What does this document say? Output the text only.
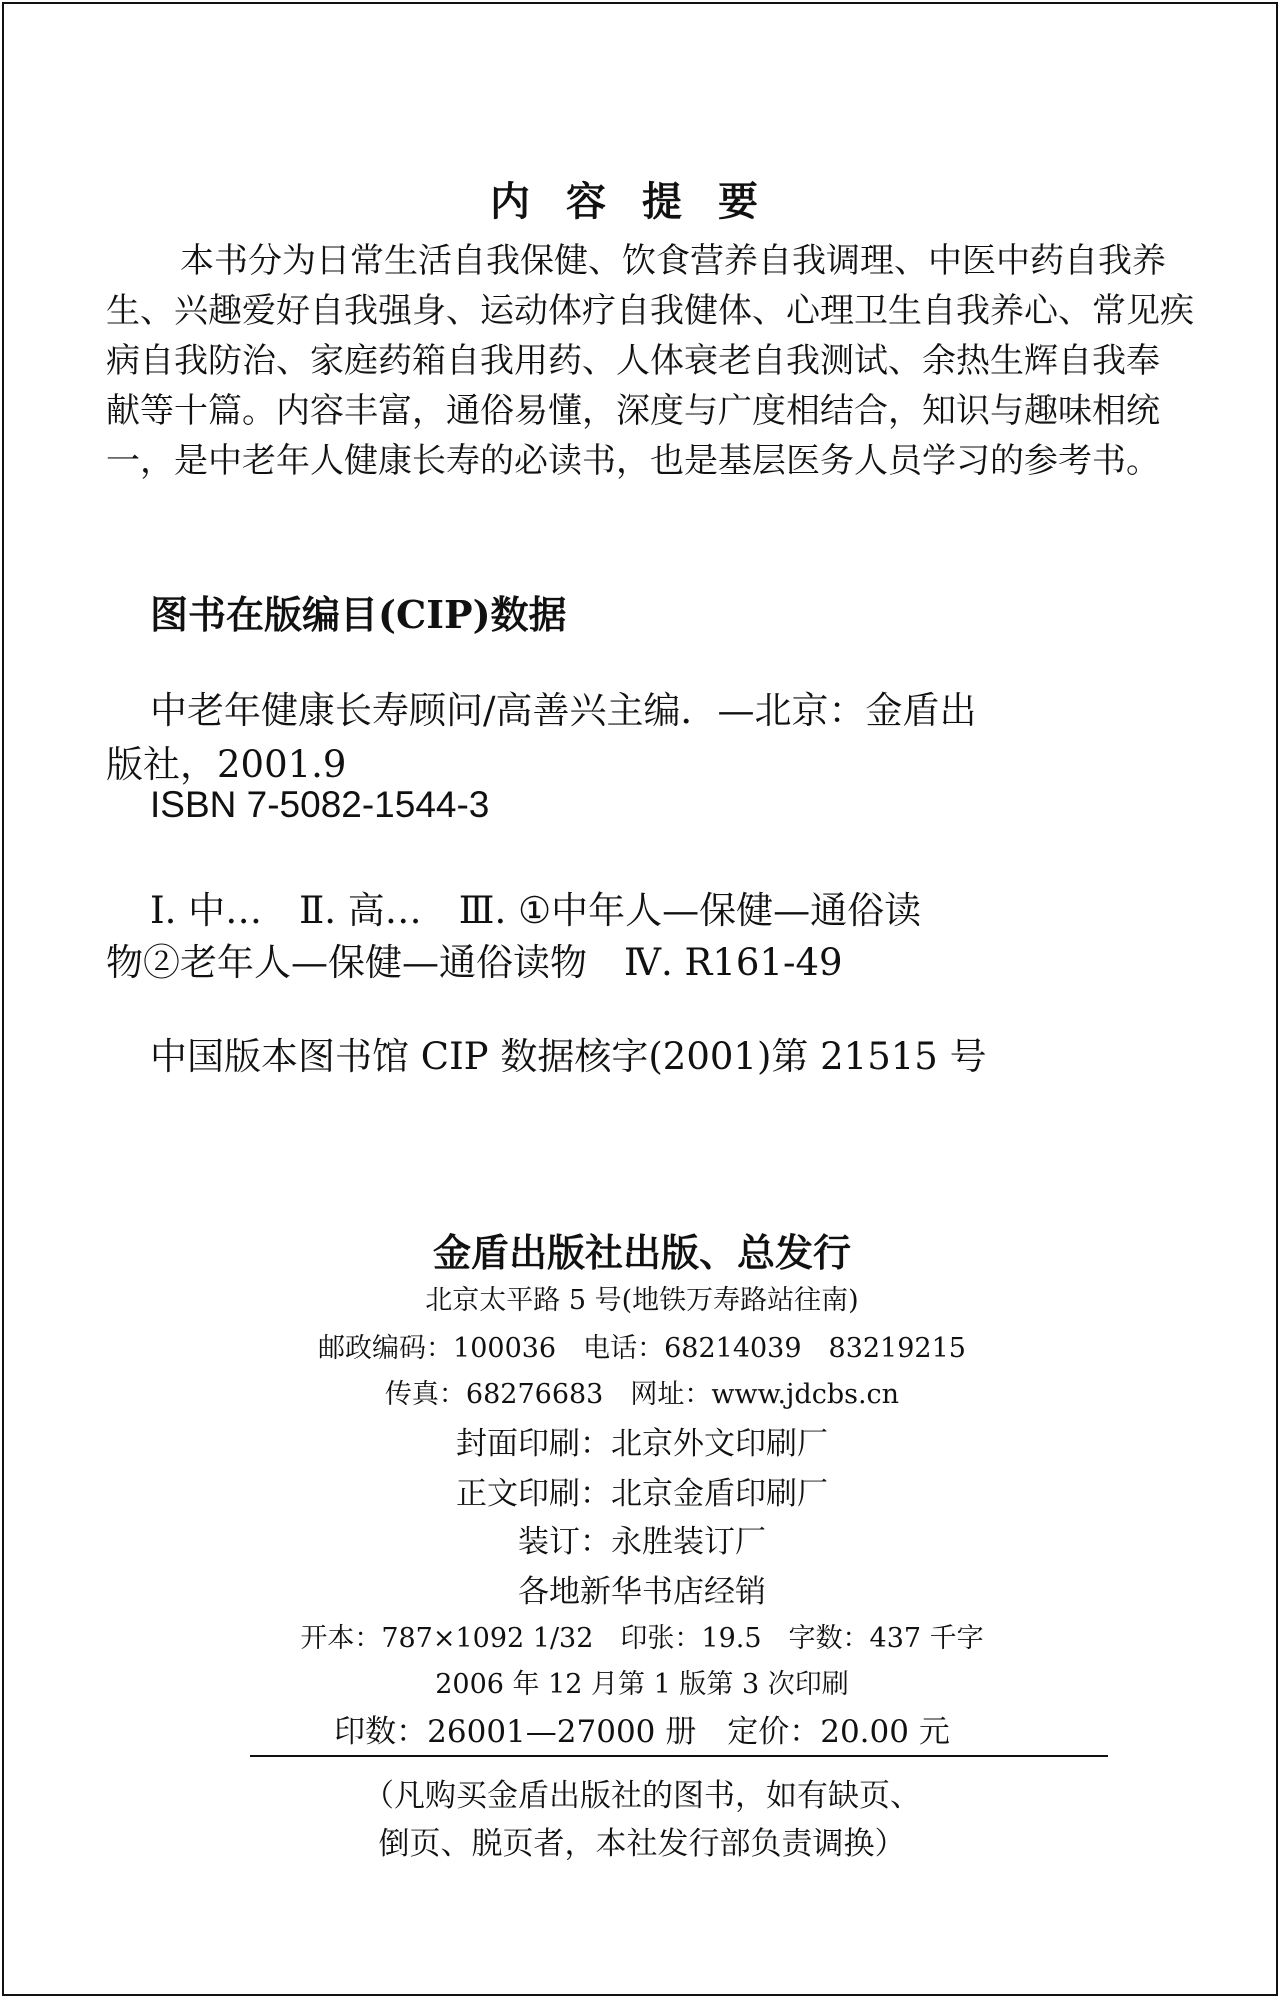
内容提要
本书分为日常生活自我保健、饮食营养自我调理、中医中药自我养
生、兴趣爱好自我强身、运动体疗自我健体、心理卫生自我养心、常见疾
病自我防治、家庭药箱自我用药、人体衰老自我测试、余热生辉自我奉
献等十篇。内容丰富，通俗易懂，深度与广度相结合，知识与趣味相统
一，是中老年人健康长寿的必读书，也是基层医务人员学习的参考书。
图书在版编目(CIP)数据
中老年健康长寿顾问/高善兴主编．—北京：金盾出
版社，2001.9
ISBN 7-5082-1544-3
Ⅰ. 中…　Ⅱ. 高…　Ⅲ. ①中年人—保健—通俗读
物②老年人—保健—通俗读物　Ⅳ. R161-49
中国版本图书馆 CIP 数据核字(2001)第 21515 号
金盾出版社出版、总发行
北京太平路 5 号(地铁万寿路站往南)
邮政编码：100036　电话：68214039　83219215
传真：68276683　网址：www.jdcbs.cn
封面印刷：北京外文印刷厂
正文印刷：北京金盾印刷厂
装订：永胜装订厂
各地新华书店经销
开本：787×1092 1/32　印张：19.5　字数：437 千字
2006 年 12 月第 1 版第 3 次印刷
印数：26001—27000 册　定价：20.00 元
（凡购买金盾出版社的图书，如有缺页、
倒页、脱页者，本社发行部负责调换）
